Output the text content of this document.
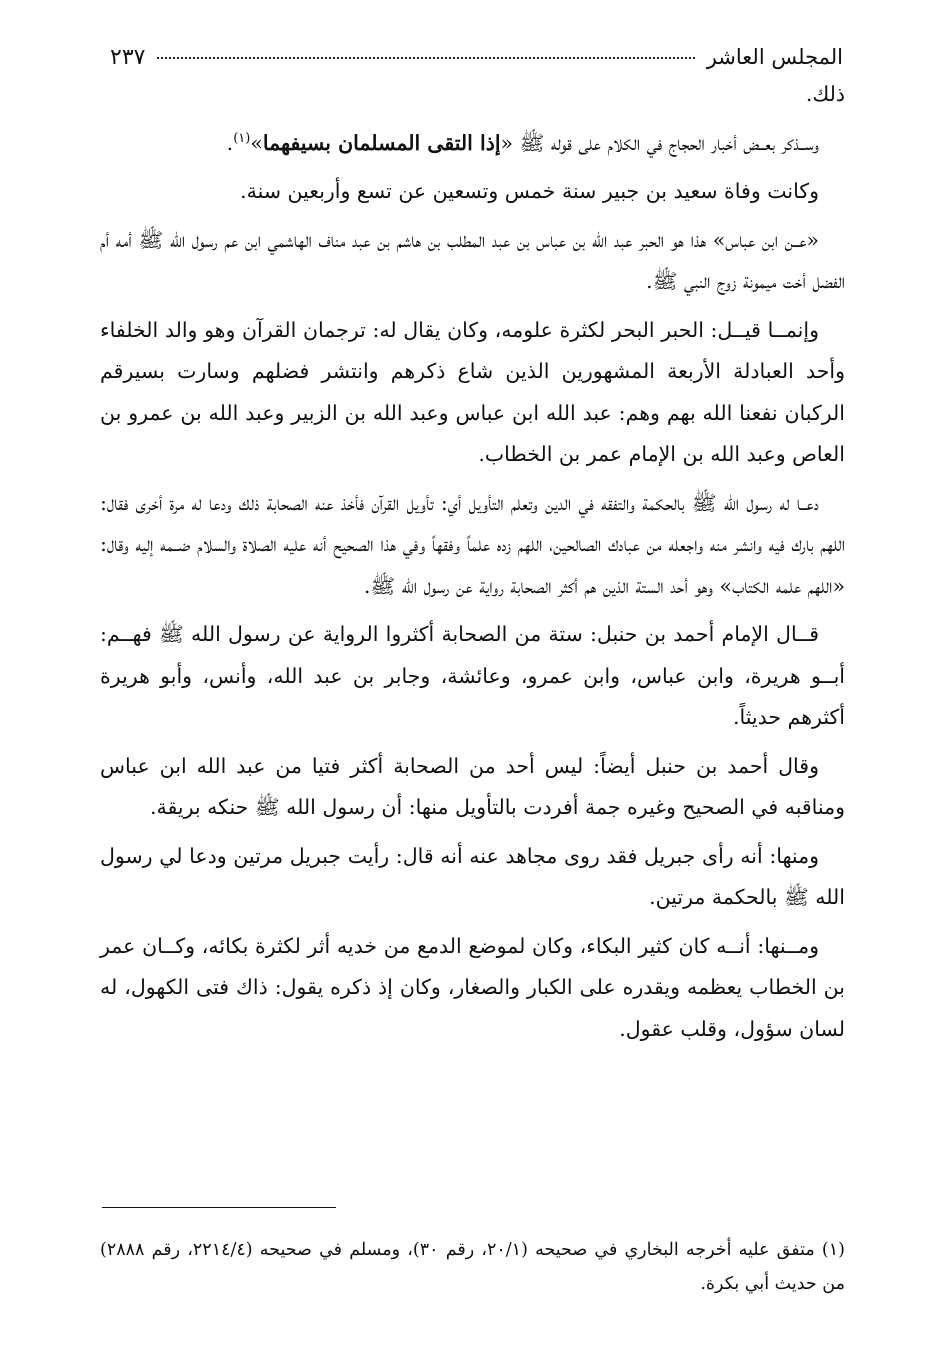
المجلس العاشر
٢٣٧

ذلك.

وســذكر بعــض أخبار الحجاج في الكلام على قوله ﷺ «إذا التقى المسلمان بسيفهما»$^{(١)}$.

وكانت وفاة سعيد بن جبير سنة خمس وتسعين عن تسع وأربعين سنة.

«عــن ابن عباس» هذا هو الحبر عبد الله بن عباس بن عبد المطلب بن هاشم بن عبد مناف الهاشمي ابن عم رسول الله ﷺ أمه أم الفضل أخت ميمونة زوج النبي ﷺ.

وإنمــا قيــل: الحبر البحر لكثرة علومه، وكان يقال له: ترجمان القرآن وهو والد الخلفاء وأحد العبادلة الأربعة المشهورين الذين شاع ذكرهم وانتشر فضلهم وسارت بسيرقم الركبان نفعنا الله بهم وهم: عبد الله ابن عباس وعبد الله بن الزبير وعبد الله بن عمرو بن العاص وعبد الله بن الإمام عمر بن الخطاب.

دعــا له رسول الله ﷺ بالحكمة والتفقه في الدين وتعلم التأويل أي: تأويل القرآن فأخذ عنه الصحابة ذلك ودعا له مرة أخرى فقال: اللهم بارك فيه وانشر منه واجعله من عبادك الصالحين، اللهم زده علماً وفقهاً وفي هذا الصحيح أنه عليه الصلاة والسلام ضــمه إليه وقال: «اللهم علمه الكتاب» وهو أحد الستة الذين هم أكثر الصحابة رواية عن رسول الله ﷺ.

قــال الإمام أحمد بن حنبل: ستة من الصحابة أكثروا الرواية عن رسول الله ﷺ فهــم: أبــو هريرة، وابن عباس، وابن عمرو، وعائشة، وجابر بن عبد الله، وأنس، وأبو هريرة أكثرهم حديثاً.

وقال أحمد بن حنبل أيضاً: ليس أحد من الصحابة أكثر فتيا من عبد الله ابن عباس ومناقبه في الصحيح وغيره جمة أفردت بالتأويل منها: أن رسول الله ﷺ حنكه بريقة.

ومنها: أنه رأى جبريل فقد روى مجاهد عنه أنه قال: رأيت جبريل مرتين ودعا لي رسول الله ﷺ بالحكمة مرتين.

ومــنها: أنــه كان كثير البكاء، وكان لموضع الدمع من خديه أثر لكثرة بكائه، وكــان عمر بن الخطاب يعظمه ويقدره على الكبار والصغار، وكان إذ ذكره يقول: ذاك فتى الكهول، له لسان سؤول، وقلب عقول.

(١) متفق عليه أخرجه البخاري في صحيحه (٢٠/١، رقم ٣٠)، ومسلم في صحيحه (٢٢١٤/٤، رقم ٢٨٨٨) من حديث أبي بكرة.
